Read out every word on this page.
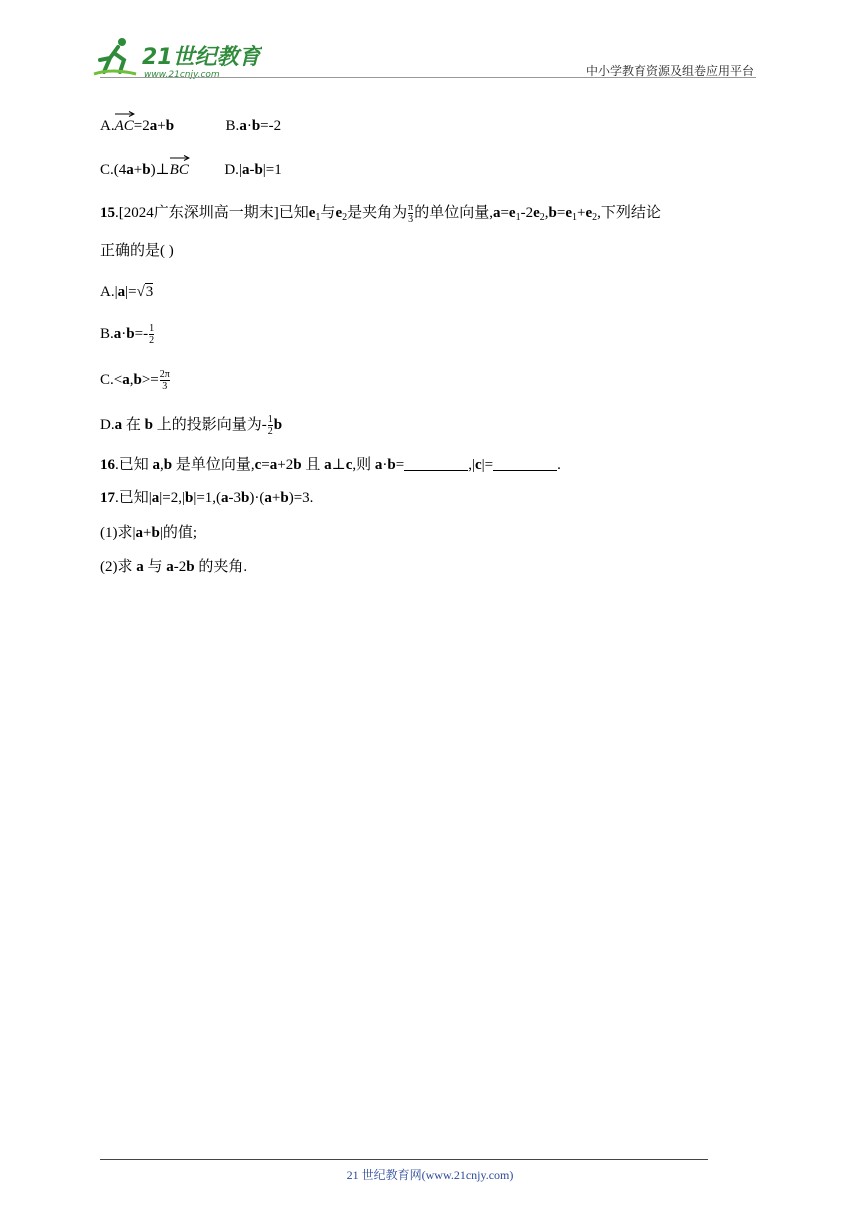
21世纪教育
www.21cnjy.com	中小学教育资源及组卷应用平台
A.
AC=2a+b	B.a·b=-2
C.(4a+b)⊥
BC D.|a-b|=1
15.[2024广东深圳高一期末]已知$e_1$与$e_2$是夹角为 $\frac{\pi}{3}$ 的单位向量$,a=e_1-2e_2,b=e_1+e_2$,下列结论
正确的是( )
A.|a|=√3
$B.a\cdot b=- \frac{1}{2}$
$C.<a,b>= \frac{2\pi}{3}$
D.a 在 b 上的投影向量为- $\frac{1}{2}$ b
16.已知 a,b 是单位向量,c=a+2b 且 a⊥c,则 a·b=	,|c|=	.
17.已知|a|=2,|b|=1,(a-3b)·(a+b)=3.
(1)求|a+b|的值;
(2)求 a 与 a-2b 的夹角.
21 世纪教育网(www.21cnjy.com)
